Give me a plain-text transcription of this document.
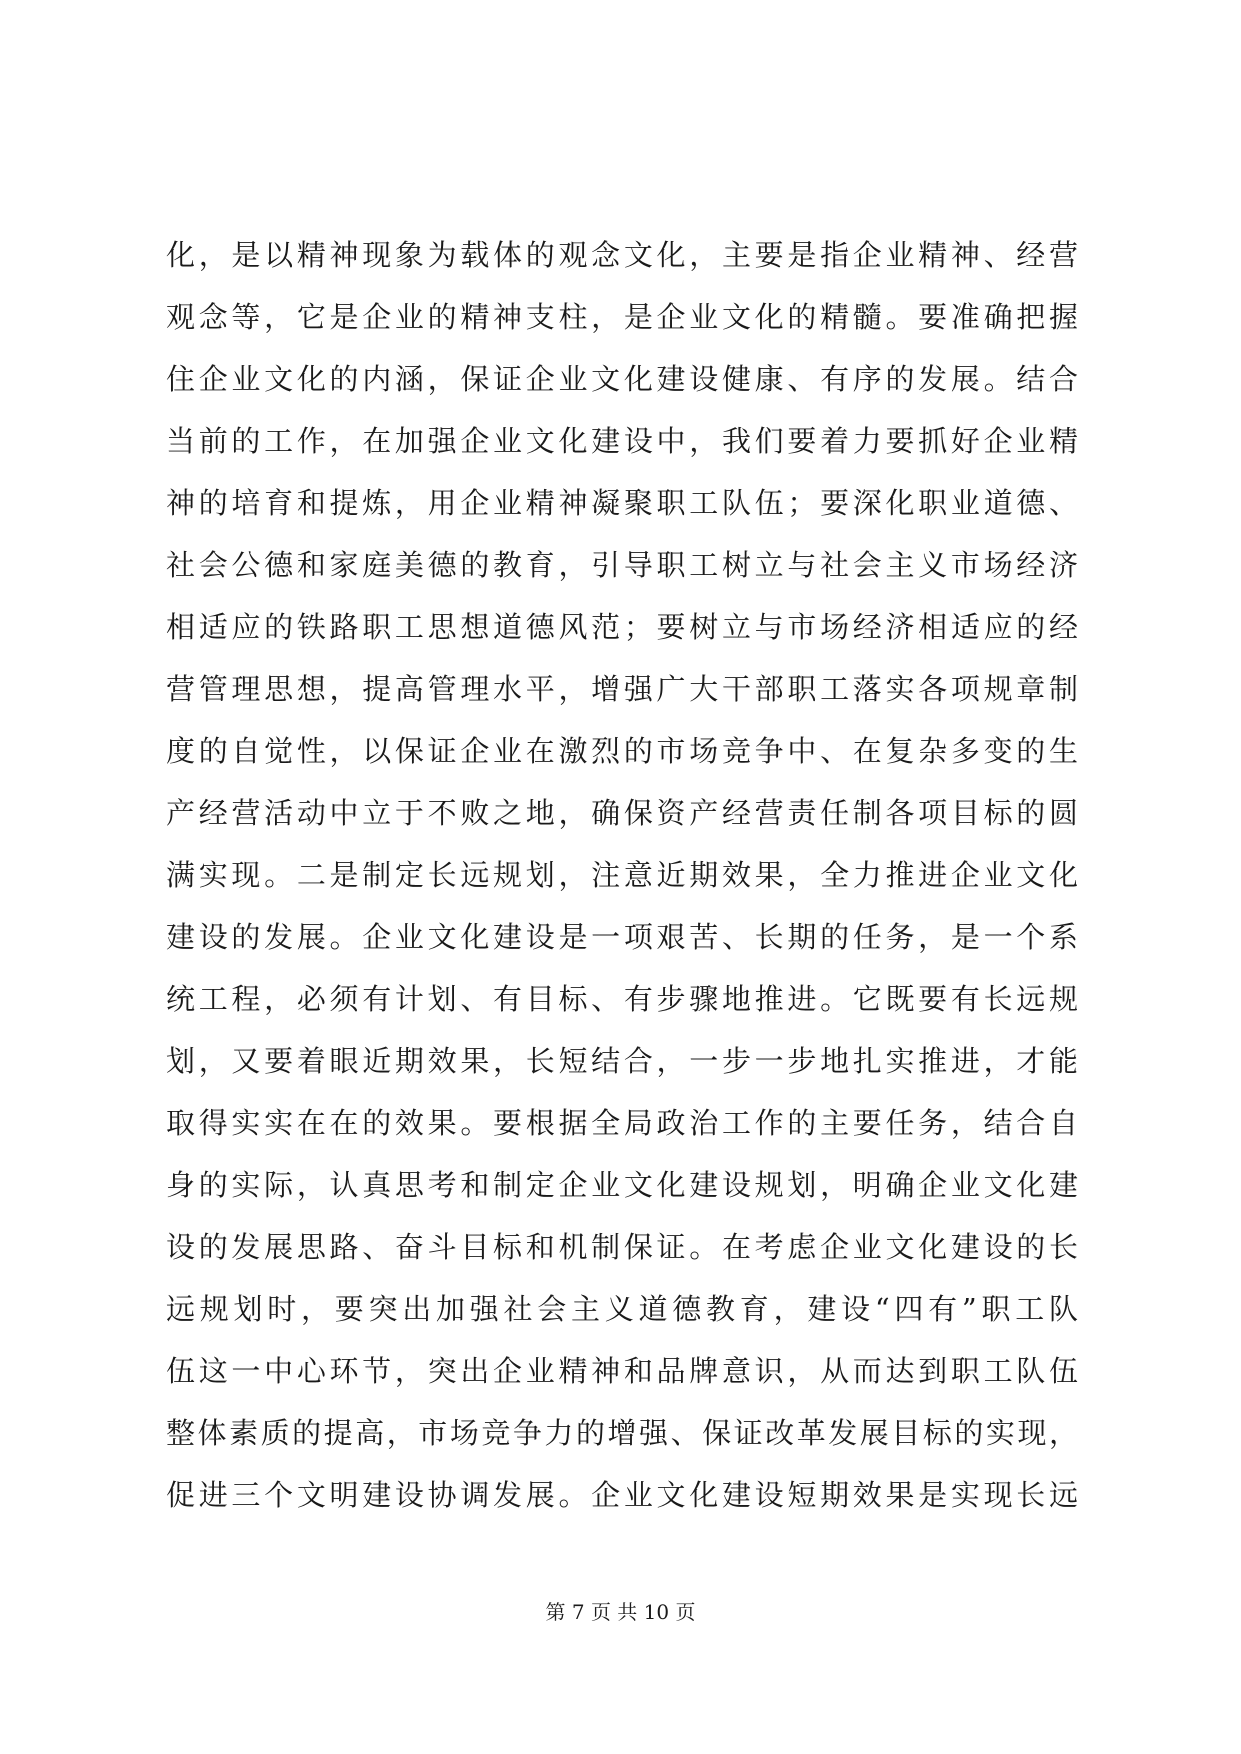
化，是以精神现象为载体的观念文化，主要是指企业精神、经营
观念等，它是企业的精神支柱，是企业文化的精髓。要准确把握
住企业文化的内涵，保证企业文化建设健康、有序的发展。结合
当前的工作，在加强企业文化建设中，我们要着力要抓好企业精
神的培育和提炼，用企业精神凝聚职工队伍；要深化职业道德、
社会公德和家庭美德的教育，引导职工树立与社会主义市场经济
相适应的铁路职工思想道德风范；要树立与市场经济相适应的经
营管理思想，提高管理水平，增强广大干部职工落实各项规章制
度的自觉性，以保证企业在激烈的市场竞争中、在复杂多变的生
产经营活动中立于不败之地，确保资产经营责任制各项目标的圆
满实现。二是制定长远规划，注意近期效果，全力推进企业文化
建设的发展。企业文化建设是一项艰苦、长期的任务，是一个系
统工程，必须有计划、有目标、有步骤地推进。它既要有长远规
划，又要着眼近期效果，长短结合，一步一步地扎实推进，才能
取得实实在在的效果。要根据全局政治工作的主要任务，结合自
身的实际，认真思考和制定企业文化建设规划，明确企业文化建
设的发展思路、奋斗目标和机制保证。在考虑企业文化建设的长
远规划时，要突出加强社会主义道德教育，建设“四有”职工队
伍这一中心环节，突出企业精神和品牌意识，从而达到职工队伍
整体素质的提高，市场竞争力的增强、保证改革发展目标的实现，
促进三个文明建设协调发展。企业文化建设短期效果是实现长远
第 7 页 共 10 页
